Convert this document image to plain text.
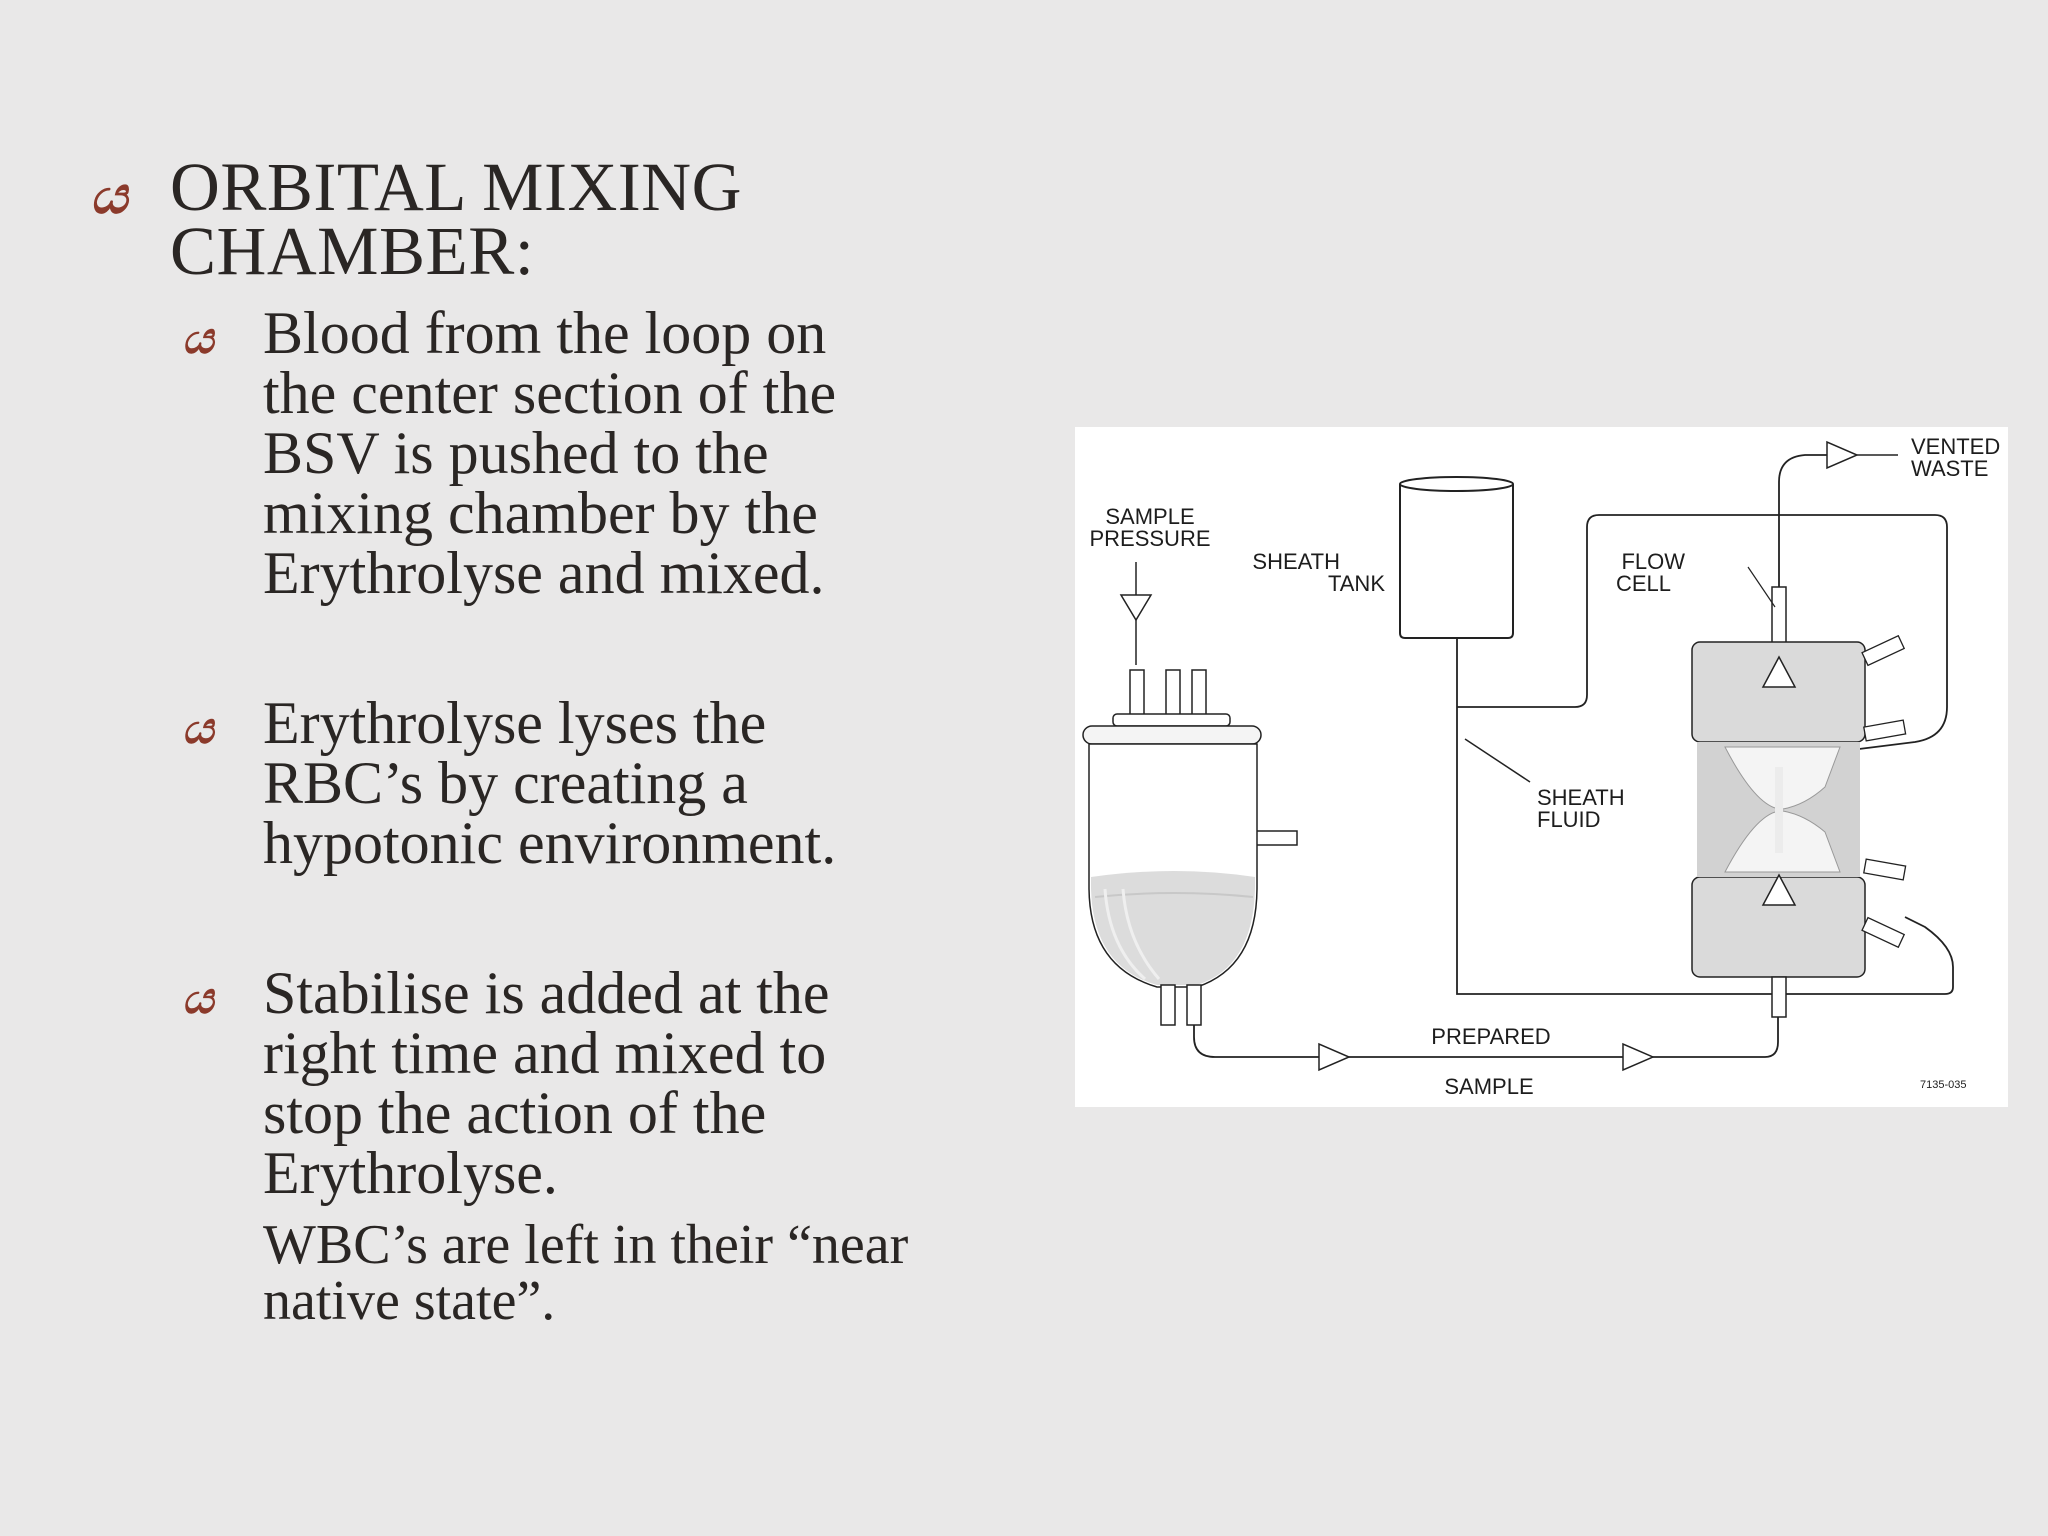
ය ORBITAL MIXING
CHAMBER:
ය Blood from the loop on
the center section of the
BSV is pushed to the
mixing chamber by the
Erythrolyse and mixed.
ය Erythrolyse lyses the
RBC’s by creating a
hypotonic environment.
ය Stabilise is added at the
right time and mixed to
stop the action of the
Erythrolyse.
WBC’s are left in their “near
native state”.
SAMPLE
PRESSURE
SHEATH
TANK
FLOW
CELL
VENTED
WASTE
SHEATH
FLUID
PREPARED
SAMPLE	7135-035
